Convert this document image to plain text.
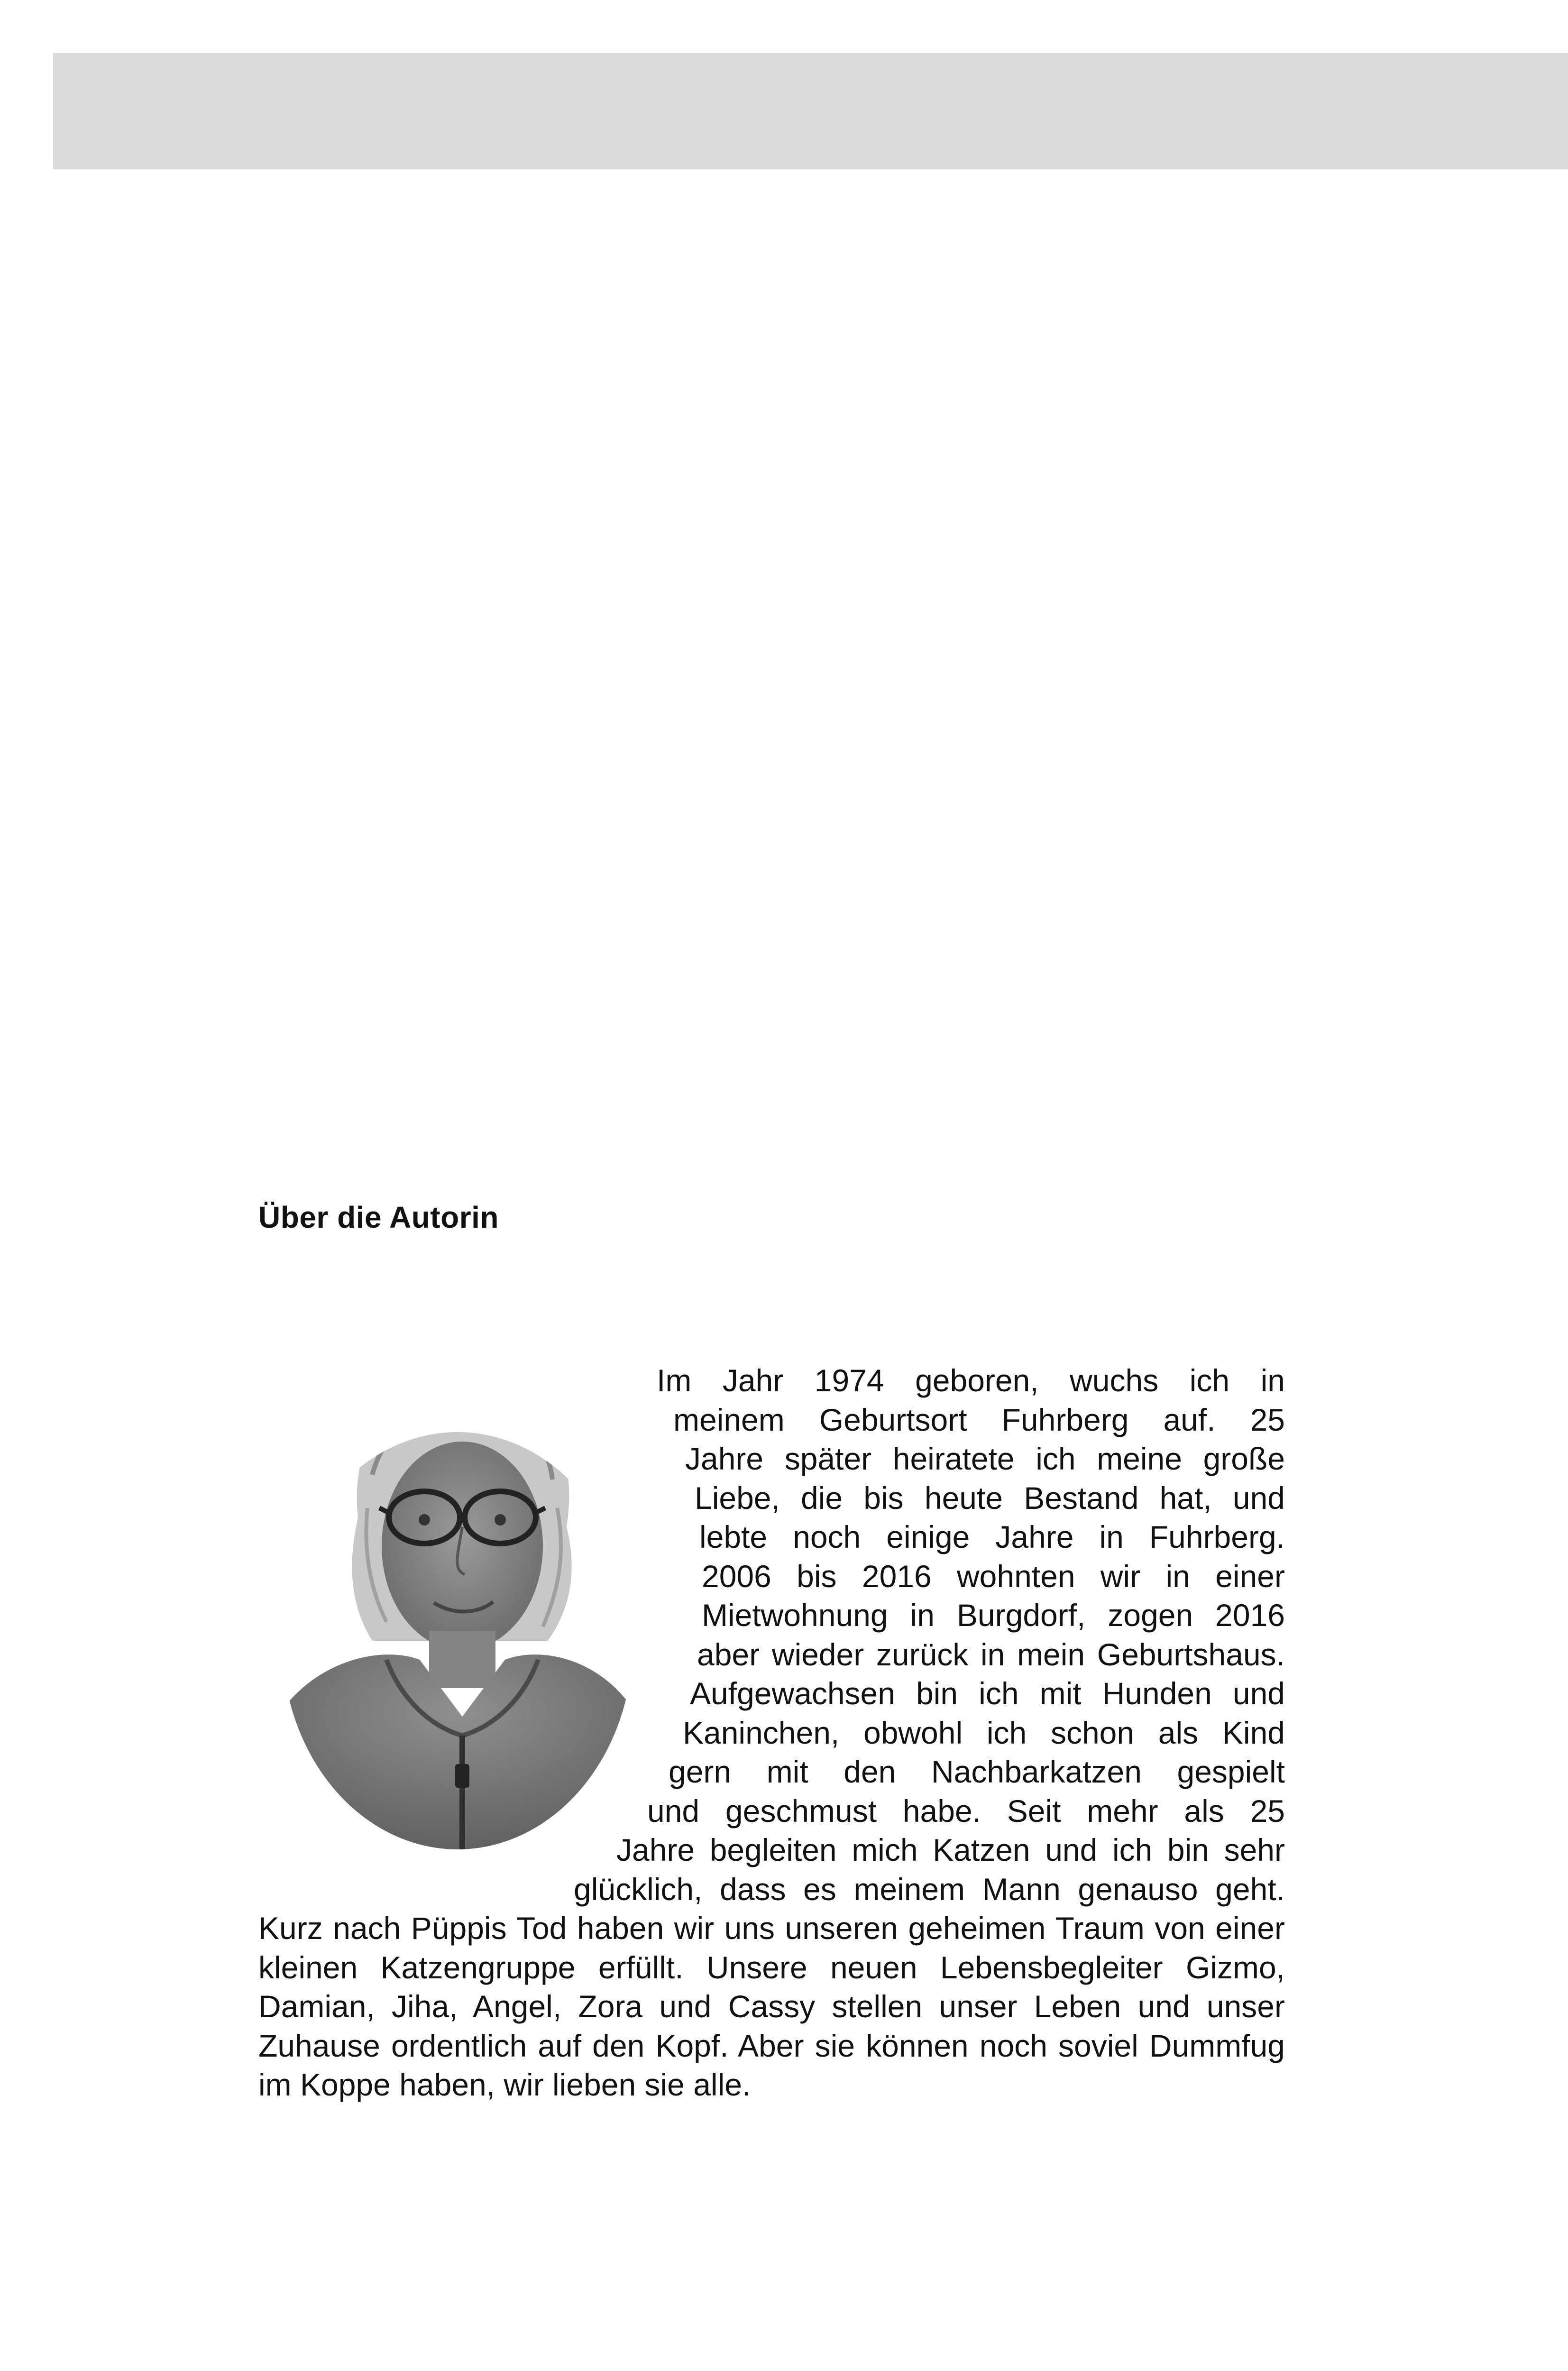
Über die Autorin

Im Jahr 1974 geboren, wuchs ich in

meinem Geburtsort Fuhrberg auf. 25

Jahre später heiratete ich meine große

Liebe, die bis heute Bestand hat, und

lebte noch einige Jahre in Fuhrberg.

2006 bis 2016 wohnten wir in einer

Mietwohnung in Burgdorf, zogen 2016

aber wieder zurück in mein Geburtshaus.

Aufgewachsen bin ich mit Hunden und

Kaninchen, obwohl ich schon als Kind

gern mit den Nachbarkatzen gespielt

und geschmust habe. Seit mehr als 25

Jahre begleiten mich Katzen und ich bin sehr

glücklich, dass es meinem Mann genauso geht.

Kurz nach Püppis Tod haben wir uns unseren geheimen Traum von einer

kleinen Katzengruppe erfüllt. Unsere neuen Lebensbegleiter Gizmo,

Damian, Jiha, Angel, Zora und Cassy stellen unser Leben und unser

Zuhause ordentlich auf den Kopf. Aber sie können noch soviel Dummfug

im Koppe haben, wir lieben sie alle.
